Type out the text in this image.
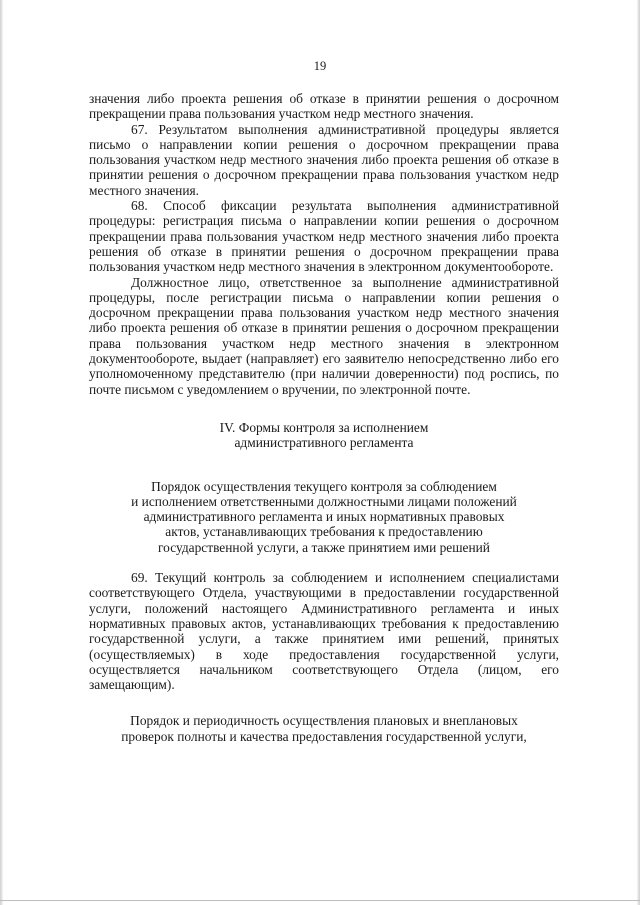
19

значения либо проекта решения об отказе в принятии решения о досрочном прекращении права пользования участком недр местного значения.

67. Результатом выполнения административной процедуры является письмо о направлении копии решения о досрочном прекращении права пользования участком недр местного значения либо проекта решения об отказе в принятии решения о досрочном прекращении права пользования участком недр местного значения.

68. Способ фиксации результата выполнения административной процедуры: регистрация письма о направлении копии решения о досрочном прекращении права пользования участком недр местного значения либо проекта решения об отказе в принятии решения о досрочном прекращении права пользования участком недр местного значения в электронном документообороте.

Должностное лицо, ответственное за выполнение административной процедуры, после регистрации письма о направлении копии решения о досрочном прекращении права пользования участком недр местного значения либо проекта решения об отказе в принятии решения о досрочном прекращении права пользования участком недр местного значения в электронном документообороте, выдает (направляет) его заявителю непосредственно либо его уполномоченному представителю (при наличии доверенности) под роспись, по почте письмом с уведомлением о вручении, по электронной почте.

IV. Формы контроля за исполнением
административного регламента
Порядок осуществления текущего контроля за соблюдением
и исполнением ответственными должностными лицами положений
административного регламента и иных нормативных правовых
актов, устанавливающих требования к предоставлению
государственной услуги, а также принятием ими решений

69. Текущий контроль за соблюдением и исполнением специалистами соответствующего Отдела, участвующими в предоставлении государственной услуги, положений настоящего Административного регламента и иных нормативных правовых актов, устанавливающих требования к предоставлению государственной услуги, а также принятием ими решений, принятых (осуществляемых) в ходе предоставления государственной услуги, осуществляется начальником соответствующего Отдела (лицом, его замещающим).

Порядок и периодичность осуществления плановых и внеплановых
проверок полноты и качества предоставления государственной услуги,
